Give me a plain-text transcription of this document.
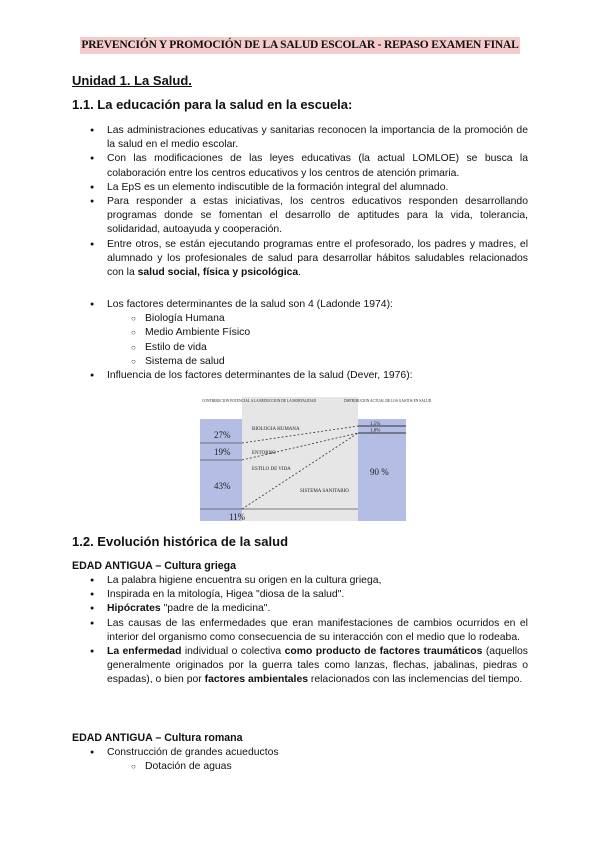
PREVENCIÓN Y PROMOCIÓN DE LA SALUD ESCOLAR - REPASO EXAMEN FINAL
Unidad 1. La Salud.
1.1. La educación para la salud en la escuela:
● Las administraciones educativas y sanitarias reconocen la importancia de la promoción de la salud en el medio escolar.
● Con las modificaciones de las leyes educativas (la actual LOMLOE) se busca la colaboración entre los centros educativos y los centros de atención primaria.
● La EpS es un elemento indiscutible de la formación integral del alumnado.
● Para responder a estas iniciativas, los centros educativos responden desarrollando programas donde se fomentan el desarrollo de aptitudes para la vida, tolerancia, solidaridad, autoayuda y cooperación.
● Entre otros, se están ejecutando programas entre el profesorado, los padres y madres, el alumnado y los profesionales de salud para desarrollar hábitos saludables relacionados con la salud social, física y psicológica.
● Los factores determinantes de la salud son 4 (Ladonde 1974):
○ Biología Humana
○ Medio Ambiente Físico
○ Estilo de vida
○ Sistema de salud
● Influencia de los factores determinantes de la salud (Dever, 1976):
CONTRIBUCION POTENCIAL A LA REDUCCION DE LA MORTALIDAD	DISTRIBUCION ACTUAL DE LOS GASTOS EN SALUD
27%
19%
43%
11%
BIOLOGIA HUMANA
ENTORNO
ESTILO DE VIDA
SISTEMA SANITARIO
1,5%
1,6%
90 %
1.2. Evolución histórica de la salud
EDAD ANTIGUA – Cultura griega
● La palabra higiene encuentra su origen en la cultura griega,
● Inspirada en la mitología, Higea "diosa de la salud".
● Hipócrates "padre de la medicina".
● Las causas de las enfermedades que eran manifestaciones de cambios ocurridos en el interior del organismo como consecuencia de su interacción con el medio que lo rodeaba.
● La enfermedad individual o colectiva como producto de factores traumáticos (aquellos generalmente originados por la guerra tales como lanzas, flechas, jabalinas, piedras o espadas), o bien por factores ambientales relacionados con las inclemencias del tiempo.
EDAD ANTIGUA – Cultura romana
● Construcción de grandes acueductos
○ Dotación de aguas
